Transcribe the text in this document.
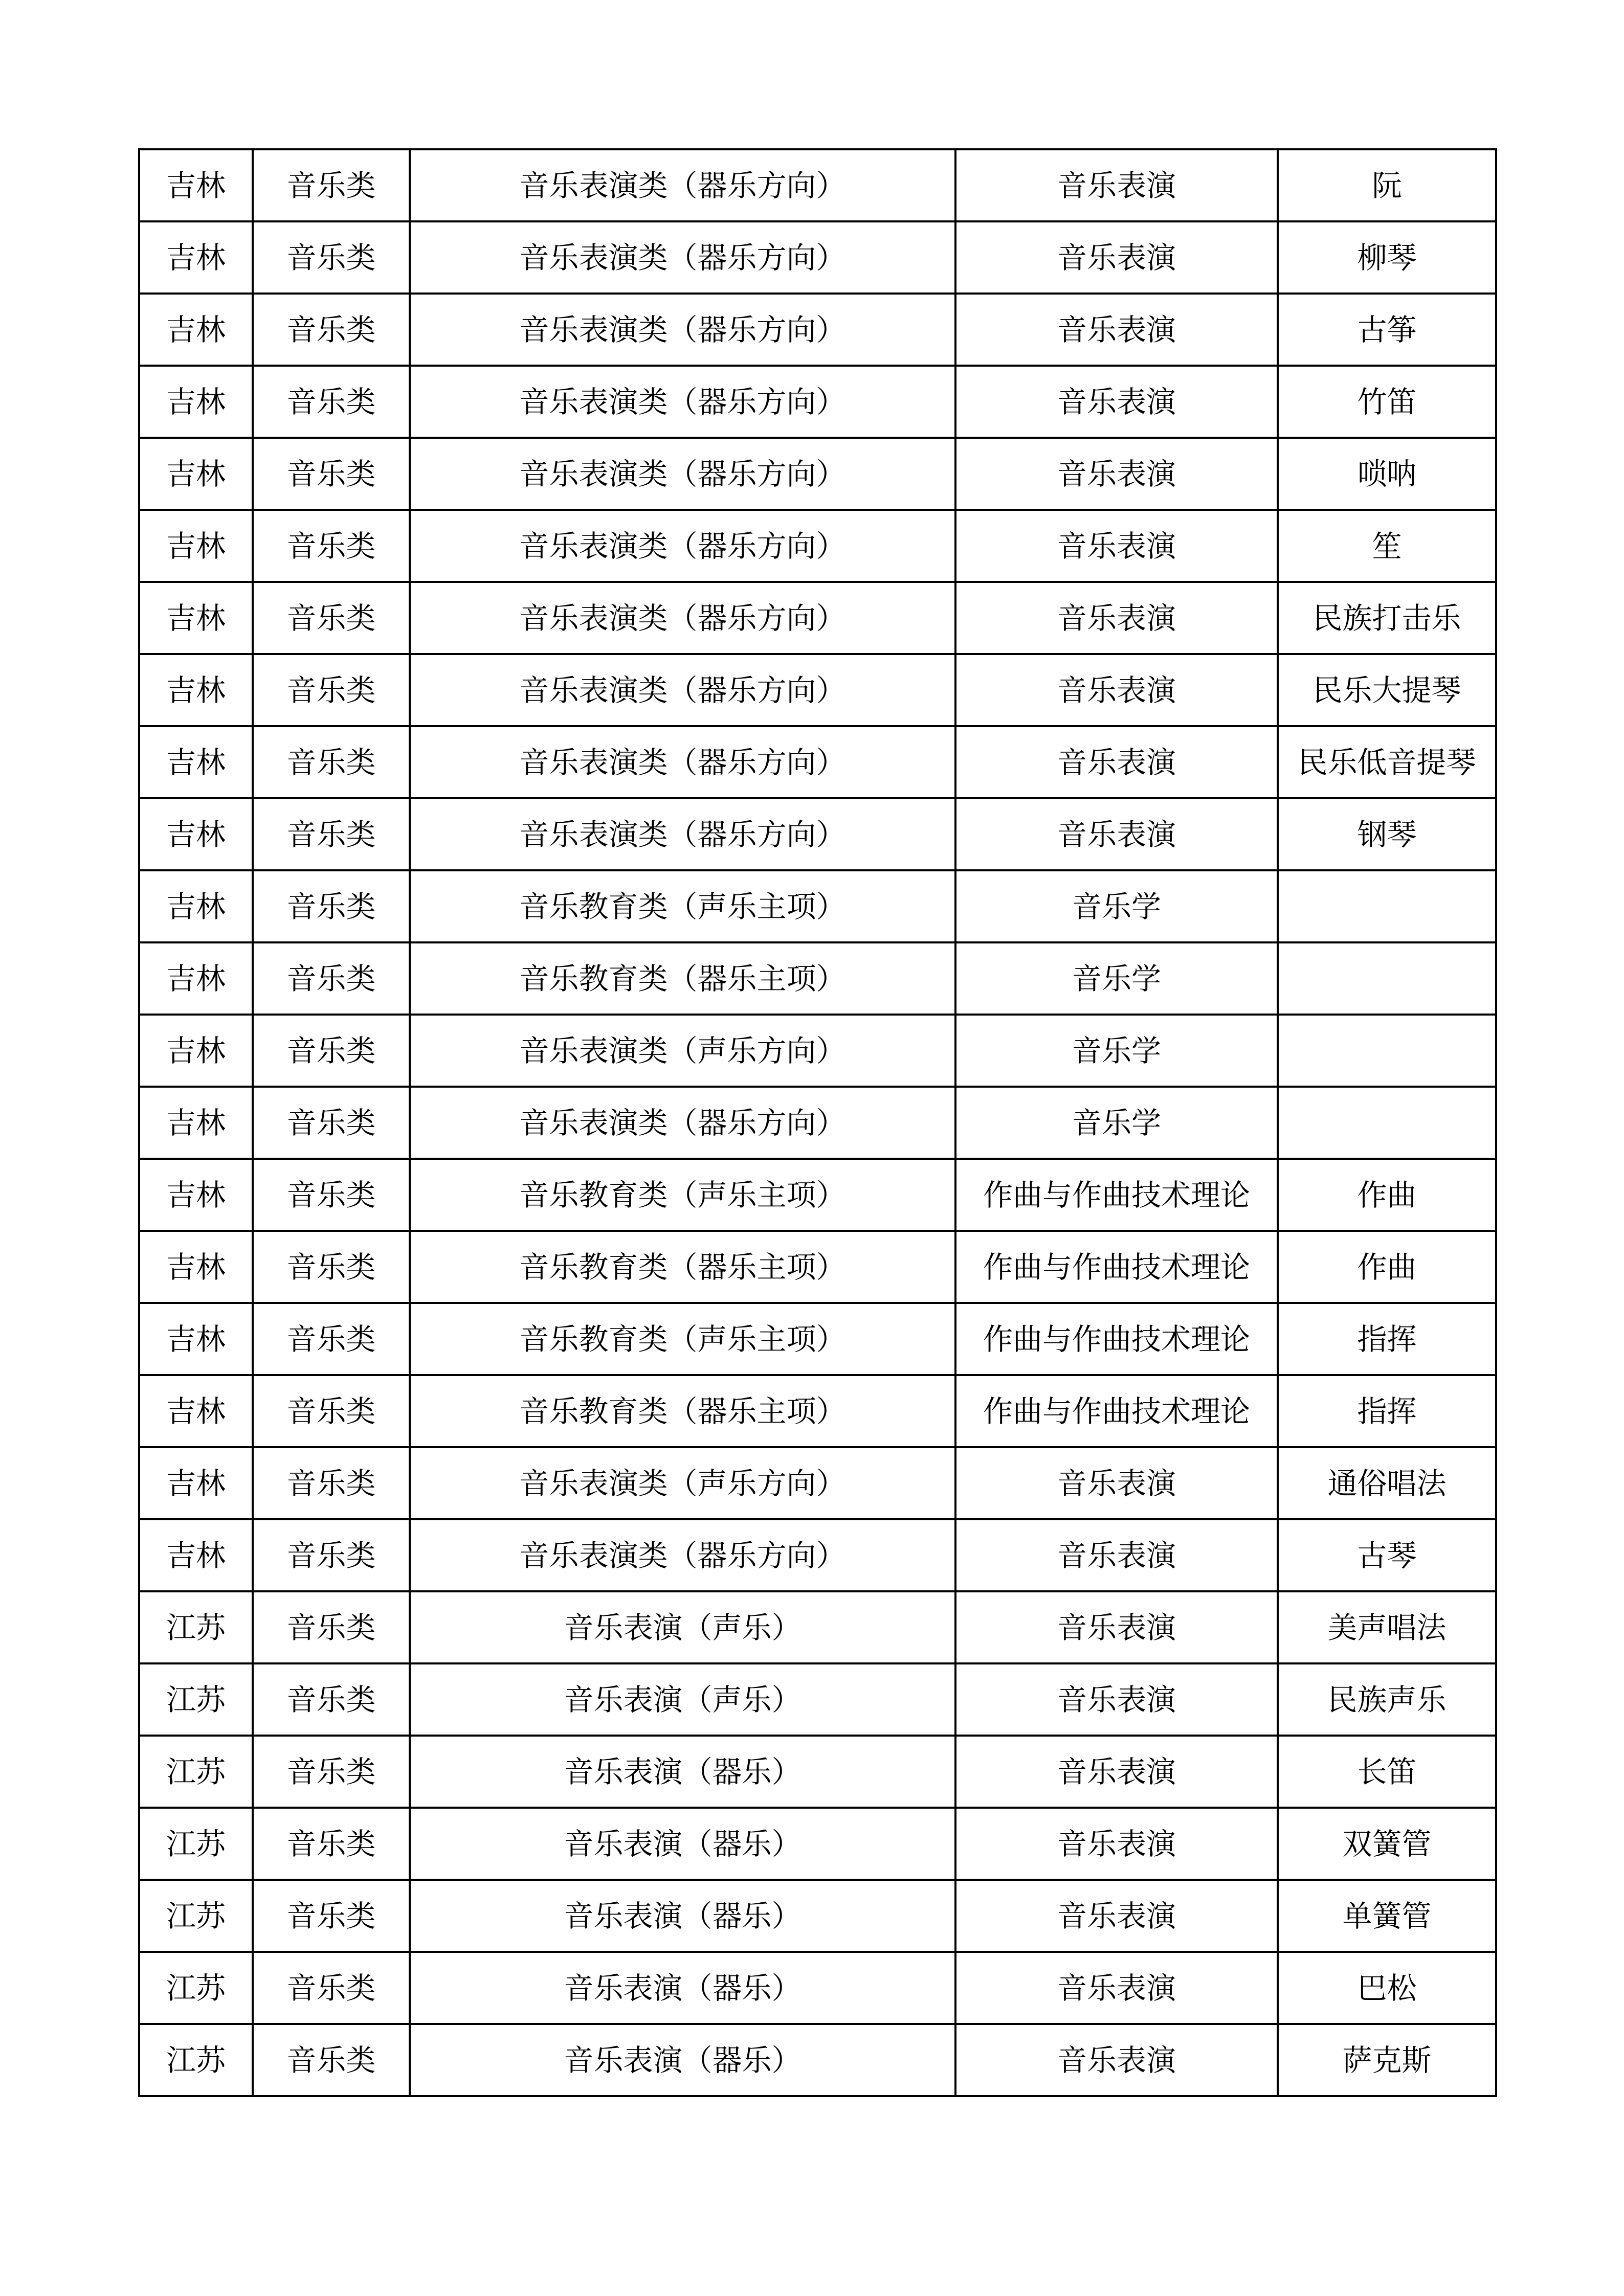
吉林	音乐类	音乐表演类（器乐方向）	音乐表演	阮
吉林	音乐类	音乐表演类（器乐方向）	音乐表演	柳琴
吉林	音乐类	音乐表演类（器乐方向）	音乐表演	古筝
吉林	音乐类	音乐表演类（器乐方向）	音乐表演	竹笛
吉林	音乐类	音乐表演类（器乐方向）	音乐表演	唢呐
吉林	音乐类	音乐表演类（器乐方向）	音乐表演	笙
吉林	音乐类	音乐表演类（器乐方向）	音乐表演	民族打击乐
吉林	音乐类	音乐表演类（器乐方向）	音乐表演	民乐大提琴
吉林	音乐类	音乐表演类（器乐方向）	音乐表演	民乐低音提琴
吉林	音乐类	音乐表演类（器乐方向）	音乐表演	钢琴
吉林	音乐类	音乐教育类（声乐主项）	音乐学	
吉林	音乐类	音乐教育类（器乐主项）	音乐学	
吉林	音乐类	音乐表演类（声乐方向）	音乐学	
吉林	音乐类	音乐表演类（器乐方向）	音乐学	
吉林	音乐类	音乐教育类（声乐主项）	作曲与作曲技术理论	作曲
吉林	音乐类	音乐教育类（器乐主项）	作曲与作曲技术理论	作曲
吉林	音乐类	音乐教育类（声乐主项）	作曲与作曲技术理论	指挥
吉林	音乐类	音乐教育类（器乐主项）	作曲与作曲技术理论	指挥
吉林	音乐类	音乐表演类（声乐方向）	音乐表演	通俗唱法
吉林	音乐类	音乐表演类（器乐方向）	音乐表演	古琴
江苏	音乐类	音乐表演（声乐）	音乐表演	美声唱法
江苏	音乐类	音乐表演（声乐）	音乐表演	民族声乐
江苏	音乐类	音乐表演（器乐）	音乐表演	长笛
江苏	音乐类	音乐表演（器乐）	音乐表演	双簧管
江苏	音乐类	音乐表演（器乐）	音乐表演	单簧管
江苏	音乐类	音乐表演（器乐）	音乐表演	巴松
江苏	音乐类	音乐表演（器乐）	音乐表演	萨克斯
